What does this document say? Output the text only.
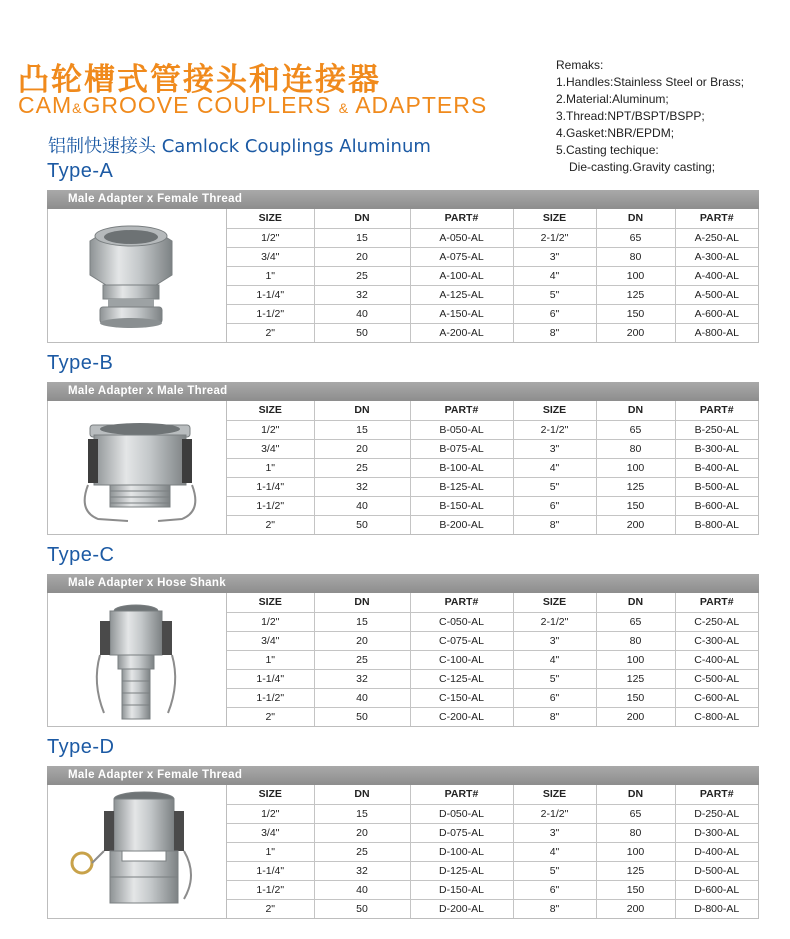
凸轮槽式管接头和连接器
CAM&GROOVE COUPLERS & ADAPTERS
铝制快速接头 Camlock Couplings Aluminum
Remaks:
1.Handles:Stainless Steel or Brass;
2.Material:Aluminum;
3.Thread:NPT/BSPT/BSPP;
4.Gasket:NBR/EPDM;
5.Casting techique:
Die-casting.Gravity casting;
Type-A
Type-B
Type-C
Type-D
Male Adapter x Female Thread
SIZE	DN	PART#	SIZE	DN	PART#
1/2"	15	A-050-AL	2-1/2"	65	A-250-AL
3/4"	20	A-075-AL	3"	80	A-300-AL
1"	25	A-100-AL	4"	100	A-400-AL
1-1/4"	32	A-125-AL	5"	125	A-500-AL
1-1/2"	40	A-150-AL	6"	150	A-600-AL
2"	50	A-200-AL	8"	200	A-800-AL
Male Adapter x Male Thread
SIZE	DN	PART#	SIZE	DN	PART#
1/2"	15	B-050-AL	2-1/2"	65	B-250-AL
3/4"	20	B-075-AL	3"	80	B-300-AL
1"	25	B-100-AL	4"	100	B-400-AL
1-1/4"	32	B-125-AL	5"	125	B-500-AL
1-1/2"	40	B-150-AL	6"	150	B-600-AL
2"	50	B-200-AL	8"	200	B-800-AL
Male Adapter x Hose Shank
SIZE	DN	PART#	SIZE	DN	PART#
1/2"	15	C-050-AL	2-1/2"	65	C-250-AL
3/4"	20	C-075-AL	3"	80	C-300-AL
1"	25	C-100-AL	4"	100	C-400-AL
1-1/4"	32	C-125-AL	5"	125	C-500-AL
1-1/2"	40	C-150-AL	6"	150	C-600-AL
2"	50	C-200-AL	8"	200	C-800-AL
Male Adapter x Female Thread
SIZE	DN	PART#	SIZE	DN	PART#
1/2"	15	D-050-AL	2-1/2"	65	D-250-AL
3/4"	20	D-075-AL	3"	80	D-300-AL
1"	25	D-100-AL	4"	100	D-400-AL
1-1/4"	32	D-125-AL	5"	125	D-500-AL
1-1/2"	40	D-150-AL	6"	150	D-600-AL
2"	50	D-200-AL	8"	200	D-800-AL
